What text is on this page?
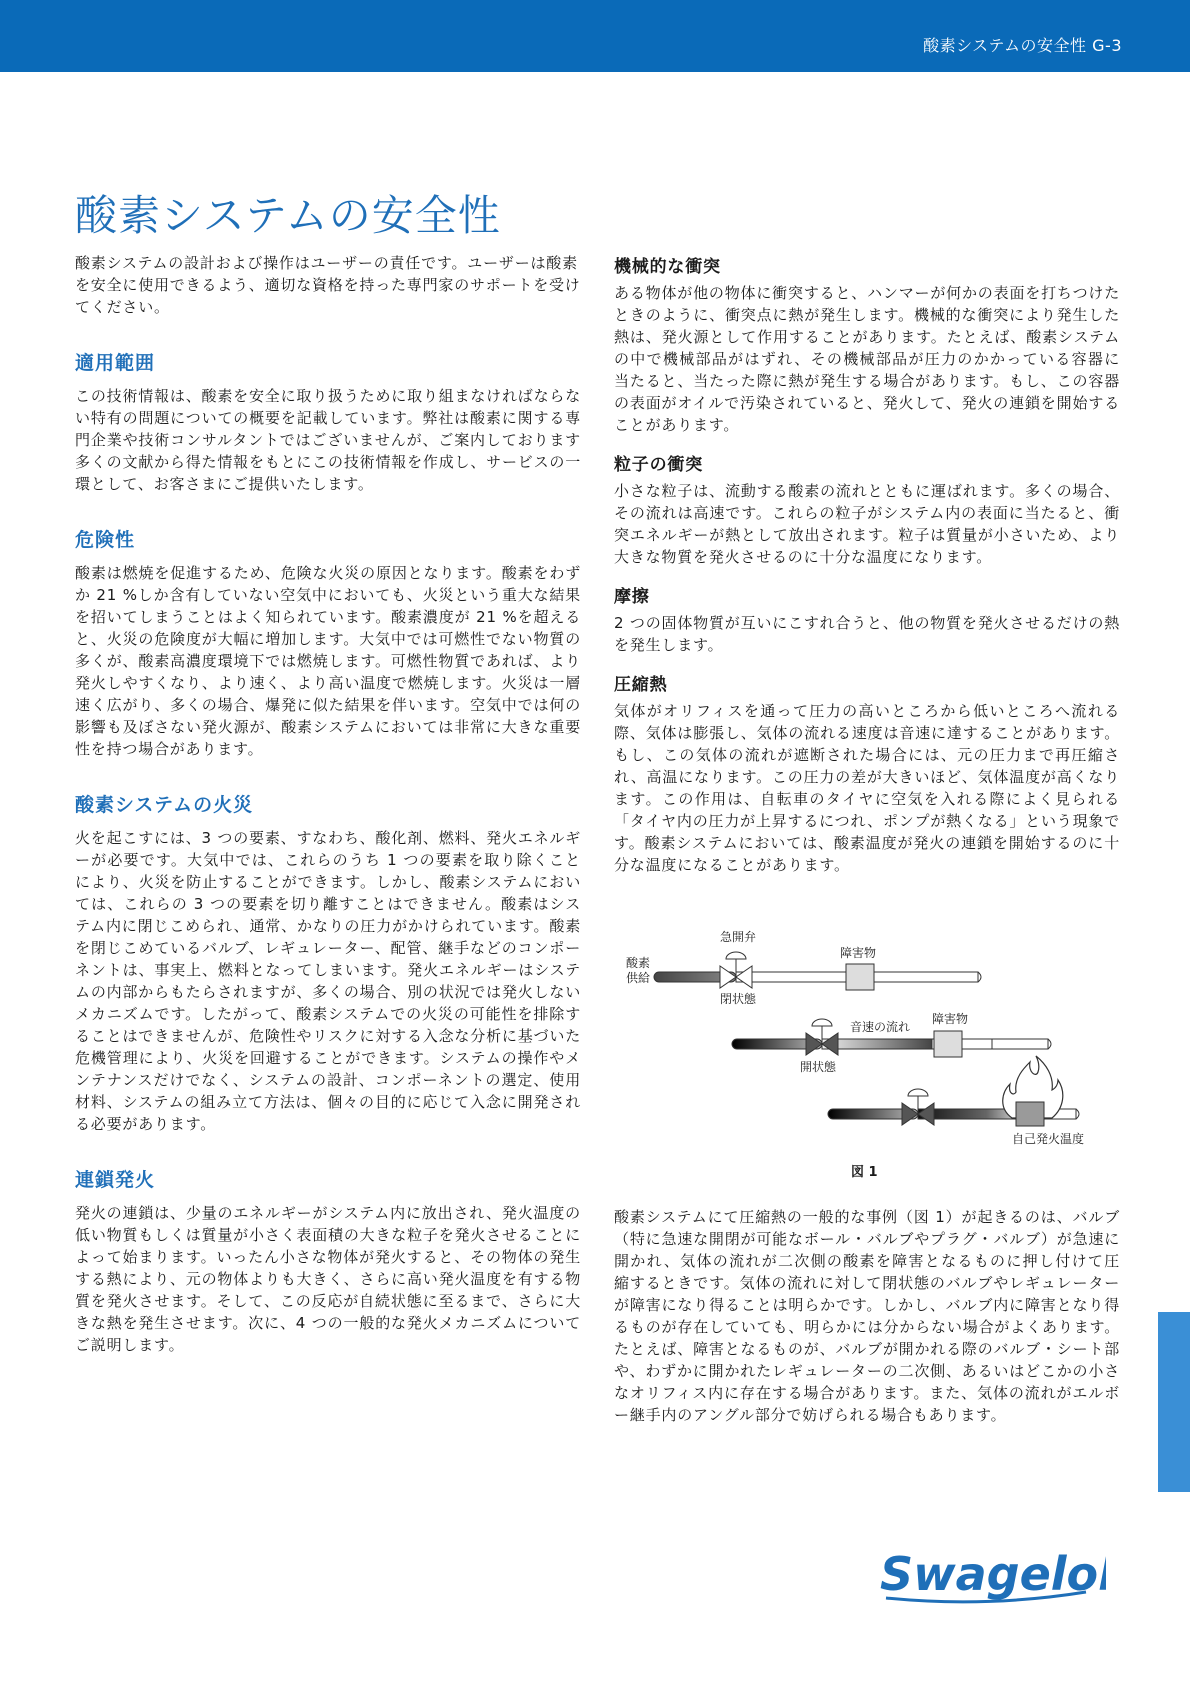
酸素システムの安全性 G-3
酸素システムの安全性

酸素システムの設計および操作はユーザーの責任です。ユーザーは酸素を安全に使用できるよう、適切な資格を持った専門家のサポートを受けてください。

適用範囲

この技術情報は、酸素を安全に取り扱うために取り組まなければならない特有の問題についての概要を記載しています。弊社は酸素に関する専門企業や技術コンサルタントではございませんが、ご案内しております多くの文献から得た情報をもとにこの技術情報を作成し、サービスの一環として、お客さまにご提供いたします。

危険性

酸素は燃焼を促進するため、危険な火災の原因となります。酸素をわずか 21 %しか含有していない空気中においても、火災という重大な結果を招いてしまうことはよく知られています。酸素濃度が 21 %を超えると、火災の危険度が大幅に増加します。大気中では可燃性でない物質の多くが、酸素高濃度環境下では燃焼します。可燃性物質であれば、より発火しやすくなり、より速く、より高い温度で燃焼します。火災は一層速く広がり、多くの場合、爆発に似た結果を伴います。空気中では何の影響も及ぼさない発火源が、酸素システムにおいては非常に大きな重要性を持つ場合があります。

酸素システムの火災

火を起こすには、3 つの要素、すなわち、酸化剤、燃料、発火エネルギーが必要です。大気中では、これらのうち 1 つの要素を取り除くことにより、火災を防止することができます。しかし、酸素システムにおいては、これらの 3 つの要素を切り離すことはできません。酸素はシステム内に閉じこめられ、通常、かなりの圧力がかけられています。酸素を閉じこめているバルブ、レギュレーター、配管、継手などのコンポーネントは、事実上、燃料となってしまいます。発火エネルギーはシステムの内部からもたらされますが、多くの場合、別の状況では発火しないメカニズムです。したがって、酸素システムでの火災の可能性を排除することはできませんが、危険性やリスクに対する入念な分析に基づいた危機管理により、火災を回避することができます。システムの操作やメンテナンスだけでなく、システムの設計、コンポーネントの選定、使用材料、システムの組み立て方法は、個々の目的に応じて入念に開発される必要があります。

連鎖発火

発火の連鎖は、少量のエネルギーがシステム内に放出され、発火温度の低い物質もしくは質量が小さく表面積の大きな粒子を発火させることによって始まります。いったん小さな物体が発火すると、その物体の発生する熱により、元の物体よりも大きく、さらに高い発火温度を有する物質を発火させます。そして、この反応が自続状態に至るまで、さらに大きな熱を発生させます。次に、4 つの一般的な発火メカニズムについてご説明します。

機械的な衝突

ある物体が他の物体に衝突すると、ハンマーが何かの表面を打ちつけたときのように、衝突点に熱が発生します。機械的な衝突により発生した熱は、発火源として作用することがあります。たとえば、酸素システムの中で機械部品がはずれ、その機械部品が圧力のかかっている容器に当たると、当たった際に熱が発生する場合があります。もし、この容器の表面がオイルで汚染されていると、発火して、発火の連鎖を開始することがあります。

粒子の衝突

小さな粒子は、流動する酸素の流れとともに運ばれます。多くの場合、その流れは高速です。これらの粒子がシステム内の表面に当たると、衝突エネルギーが熱として放出されます。粒子は質量が小さいため、より大きな物質を発火させるのに十分な温度になります。

摩擦

2 つの固体物質が互いにこすれ合うと、他の物質を発火させるだけの熱を発生します。

圧縮熱

気体がオリフィスを通って圧力の高いところから低いところへ流れる際、気体は膨張し、気体の流れる速度は音速に達することがあります。もし、この気体の流れが遮断された場合には、元の圧力まで再圧縮され、高温になります。この圧力の差が大きいほど、気体温度が高くなります。この作用は、自転車のタイヤに空気を入れる際によく見られる「タイヤ内の圧力が上昇するにつれ、ポンプが熱くなる」という現象です。酸素システムにおいては、酸素温度が発火の連鎖を開始するのに十分な温度になることがあります。

酸素
供給
急開弁
閉状態
障害物
音速の流れ
障害物
開状態
自己発火温度
図 1

酸素システムにて圧縮熱の一般的な事例（図 1）が起きるのは、バルブ（特に急速な開閉が可能なボール・バルブやプラグ・バルブ）が急速に開かれ、気体の流れが二次側の酸素を障害となるものに押し付けて圧縮するときです。気体の流れに対して閉状態のバルブやレギュレーターが障害になり得ることは明らかです。しかし、バルブ内に障害となり得るものが存在していても、明らかには分からない場合がよくあります。たとえば、障害となるものが、バルブが開かれる際のバルブ・シート部や、わずかに開かれたレギュレーターの二次側、あるいはどこかの小さなオリフィス内に存在する場合があります。また、気体の流れがエルボー継手内のアングル部分で妨げられる場合もあります。

Swagelok
